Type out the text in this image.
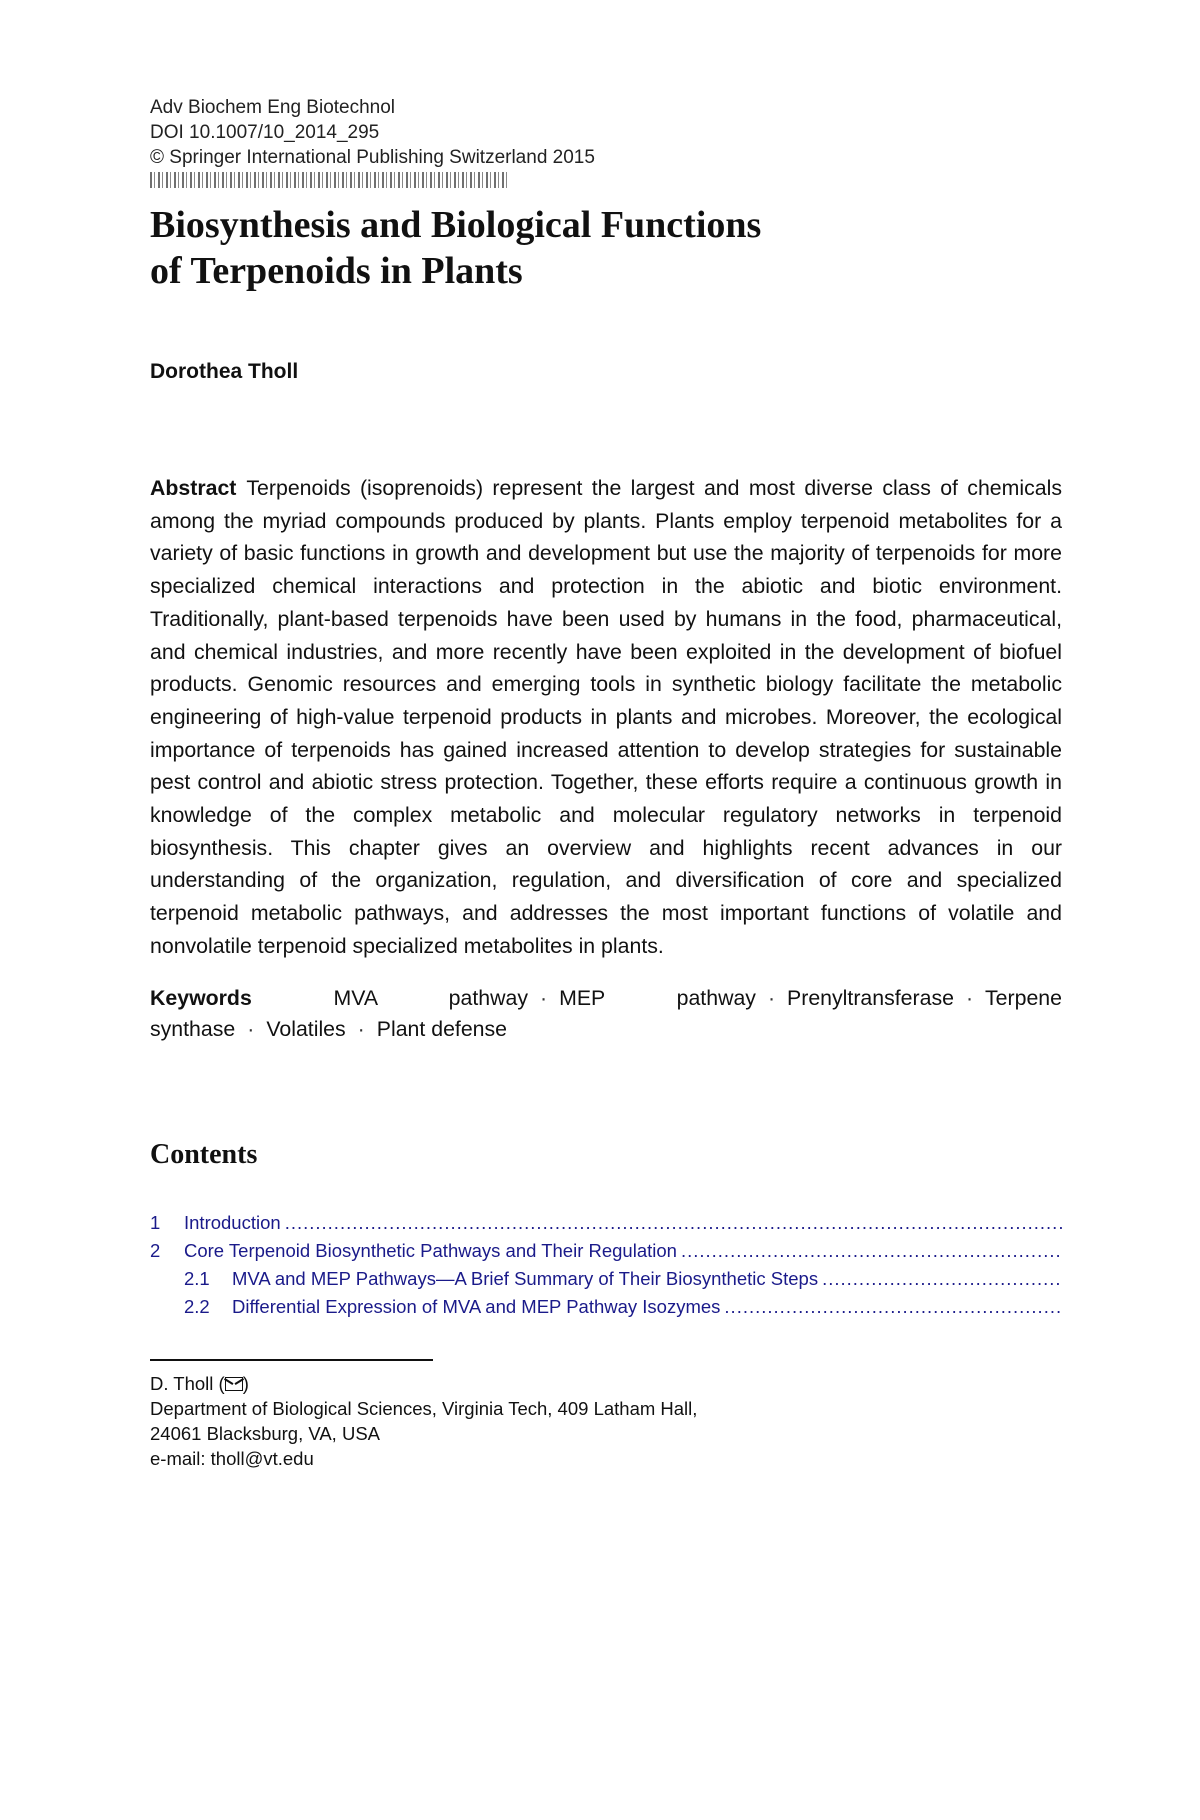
Adv Biochem Eng Biotechnol
DOI 10.1007/10_2014_295
© Springer International Publishing Switzerland 2015
Biosynthesis and Biological Functions
of Terpenoids in Plants
Dorothea Tholl
Abstract Terpenoids (isoprenoids) represent the largest and most diverse class of chemicals among the myriad compounds produced by plants. Plants employ terpenoid metabolites for a variety of basic functions in growth and development but use the majority of terpenoids for more specialized chemical interactions and protection in the abiotic and biotic environment. Traditionally, plant-based terpenoids have been used by humans in the food, pharmaceutical, and chemical industries, and more recently have been exploited in the development of biofuel products. Genomic resources and emerging tools in synthetic biology facilitate the metabolic engineering of high-value terpenoid products in plants and microbes. Moreover, the ecological importance of terpenoids has gained increased attention to develop strategies for sustainable pest control and abiotic stress protection. Together, these efforts require a continuous growth in knowledge of the complex metabolic and molecular regulatory networks in terpenoid biosynthesis. This chapter gives an overview and highlights recent advances in our understanding of the organization, regulation, and diversification of core and specialized terpenoid metabolic pathways, and addresses the most important functions of volatile and nonvolatile terpenoid specialized metabolites in plants.
Keywords	MVA pathway · MEP pathway · Prenyltransferase · Terpene synthase · Volatiles · Plant defense
Contents
1	Introduction
.....
2	Core Terpenoid Biosynthetic Pathways and Their Regulation
.....
2.1	MVA and MEP Pathways—A Brief Summary of Their Biosynthetic Steps
.....
2.2	Differential Expression of MVA and MEP Pathway Isozymes
.....
D. Tholl ( )
Department of Biological Sciences, Virginia Tech, 409 Latham Hall,
24061 Blacksburg, VA, USA
e-mail: tholl@vt.edu
